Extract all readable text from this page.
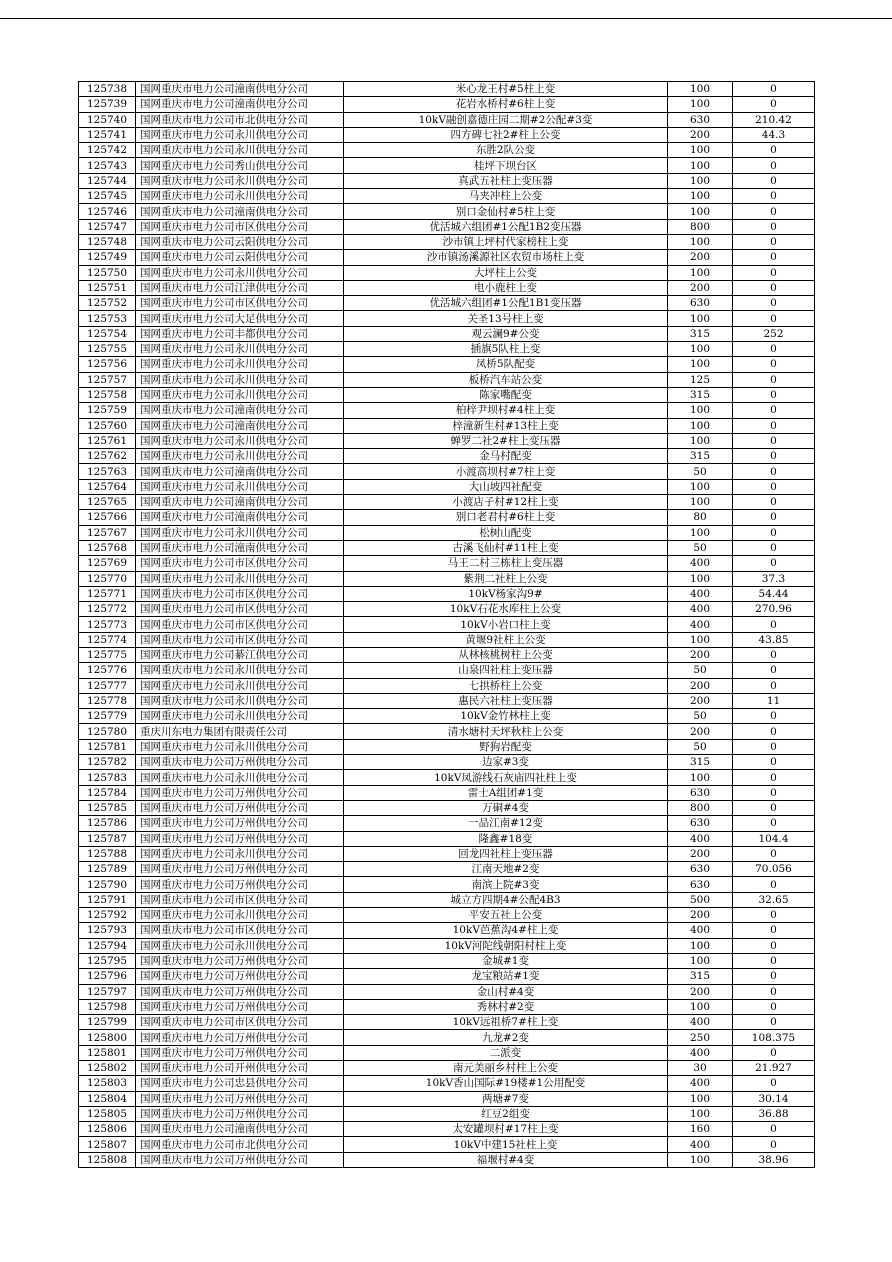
125738	国网重庆市电力公司潼南供电分公司	米心龙王村#5柱上变	100	0
125739	国网重庆市电力公司潼南供电分公司	花岩水桥村#6柱上变	100	0
125740	国网重庆市电力公司市北供电分公司	10kV融创嘉德庄园二期#2公配#3变	630	210.42
125741	国网重庆市电力公司永川供电分公司	四方碑七社2#柱上公变	200	44.3
125742	国网重庆市电力公司永川供电分公司	东胜2队公变	100	0
125743	国网重庆市电力公司秀山供电分公司	桂坪下坝台区	100	0
125744	国网重庆市电力公司永川供电分公司	真武五社柱上变压器	100	0
125745	国网重庆市电力公司永川供电分公司	马夹冲柱上公变	100	0
125746	国网重庆市电力公司潼南供电分公司	别口金仙村#5柱上变	100	0
125747	国网重庆市电力公司市区供电分公司	优活城六组团#1公配1B2变压器	800	0
125748	国网重庆市电力公司云阳供电分公司	沙市镇上坪村代家榜柱上变	100	0
125749	国网重庆市电力公司云阳供电分公司	沙市镇汤溪源社区农贸市场柱上变	200	0
125750	国网重庆市电力公司永川供电分公司	大坪柱上公变	100	0
125751	国网重庆市电力公司江津供电分公司	电小鹿柱上变	200	0
125752	国网重庆市电力公司市区供电分公司	优活城六组团#1公配1B1变压器	630	0
125753	国网重庆市电力公司大足供电分公司	关圣13号柱上变	100	0
125754	国网重庆市电力公司丰都供电分公司	观云澜9#公变	315	252
125755	国网重庆市电力公司永川供电分公司	插旗5队柱上变	100	0
125756	国网重庆市电力公司永川供电分公司	凤桥5队配变	100	0
125757	国网重庆市电力公司永川供电分公司	板桥汽车站公变	125	0
125758	国网重庆市电力公司永川供电分公司	陈家嘴配变	315	0
125759	国网重庆市电力公司潼南供电分公司	柏梓尹坝村#4柱上变	100	0
125760	国网重庆市电力公司潼南供电分公司	梓潼新生村#13柱上变	100	0
125761	国网重庆市电力公司永川供电分公司	蝉罗二社2#柱上变压器	100	0
125762	国网重庆市电力公司永川供电分公司	金马村配变	315	0
125763	国网重庆市电力公司潼南供电分公司	小渡高坝村#7柱上变	50	0
125764	国网重庆市电力公司永川供电分公司	大山坡四社配变	100	0
125765	国网重庆市电力公司潼南供电分公司	小渡店子村#12柱上变	100	0
125766	国网重庆市电力公司潼南供电分公司	别口老君村#6柱上变	80	0
125767	国网重庆市电力公司永川供电分公司	松树山配变	100	0
125768	国网重庆市电力公司潼南供电分公司	古溪飞仙村#11柱上变	50	0
125769	国网重庆市电力公司市区供电分公司	马王二村三栋柱上变压器	400	0
125770	国网重庆市电力公司永川供电分公司	紫荆二社柱上公变	100	37.3
125771	国网重庆市电力公司市区供电分公司	10kV杨家沟9#	400	54.44
125772	国网重庆市电力公司市区供电分公司	10kV石花水库柱上公变	400	270.96
125773	国网重庆市电力公司市区供电分公司	10kV小岩口柱上变	400	0
125774	国网重庆市电力公司市区供电分公司	黄堰9社柱上公变	100	43.85
125775	国网重庆市电力公司綦江供电分公司	从林核桃树柱上公变	200	0
125776	国网重庆市电力公司永川供电分公司	山泉四社柱上变压器	50	0
125777	国网重庆市电力公司永川供电分公司	七拱桥柱上公变	200	0
125778	国网重庆市电力公司永川供电分公司	惠民六社柱上变压器	200	11
125779	国网重庆市电力公司永川供电分公司	10kV金竹林柱上变	50	0
125780	重庆川东电力集团有限责任公司	清水塘村天坪秋柱上公变	200	0
125781	国网重庆市电力公司永川供电分公司	野狗岩配变	50	0
125782	国网重庆市电力公司万州供电分公司	边家#3变	315	0
125783	国网重庆市电力公司永川供电分公司	10kV凤游线石灰庙四社柱上变	100	0
125784	国网重庆市电力公司万州供电分公司	雷士A组团#1变	630	0
125785	国网重庆市电力公司万州供电分公司	万硐#4变	800	0
125786	国网重庆市电力公司万州供电分公司	一品江南#12变	630	0
125787	国网重庆市电力公司万州供电分公司	隆鑫#18变	400	104.4
125788	国网重庆市电力公司永川供电分公司	回龙四社柱上变压器	200	0
125789	国网重庆市电力公司万州供电分公司	江南天地#2变	630	70.056
125790	国网重庆市电力公司万州供电分公司	南滨上院#3变	630	0
125791	国网重庆市电力公司市区供电分公司	城立方四期4#公配4B3	500	32.65
125792	国网重庆市电力公司永川供电分公司	平安五社上公变	200	0
125793	国网重庆市电力公司市区供电分公司	10kV芭蕉沟4#柱上变	400	0
125794	国网重庆市电力公司永川供电分公司	10kV河陀线朝阳村柱上变	100	0
125795	国网重庆市电力公司万州供电分公司	金城#1变	100	0
125796	国网重庆市电力公司万州供电分公司	龙宝粮站#1变	315	0
125797	国网重庆市电力公司万州供电分公司	金山村#4变	200	0
125798	国网重庆市电力公司万州供电分公司	秀林村#2变	100	0
125799	国网重庆市电力公司市区供电分公司	10kV远祖桥7#柱上变	400	0
125800	国网重庆市电力公司万州供电分公司	九龙#2变	250	108.375
125801	国网重庆市电力公司万州供电分公司	二派变	400	0
125802	国网重庆市电力公司开州供电分公司	南元美丽乡村柱上公变	30	21.927
125803	国网重庆市电力公司忠县供电分公司	10kV香山国际#19楼#1公用配变	400	0
125804	国网重庆市电力公司万州供电分公司	两塘#7变	100	30.14
125805	国网重庆市电力公司万州供电分公司	红豆2组变	100	36.88
125806	国网重庆市电力公司潼南供电分公司	太安罐坝村#17柱上变	160	0
125807	国网重庆市电力公司市北供电分公司	10kV中建15社柱上变	400	0
125808	国网重庆市电力公司万州供电分公司	福堰村#4变	100	38.96
